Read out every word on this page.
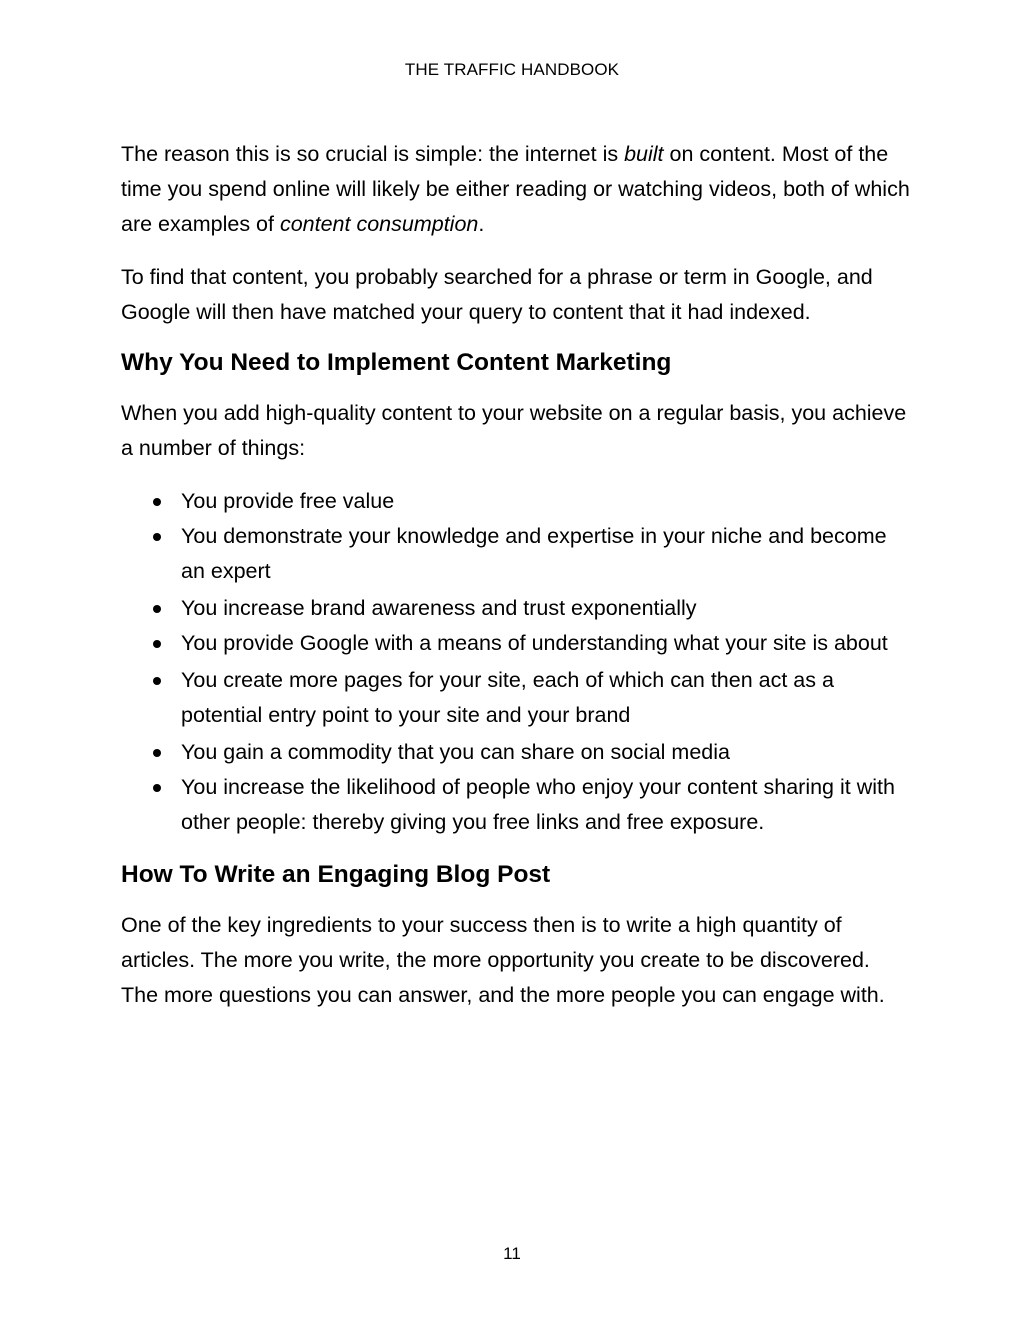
THE TRAFFIC HANDBOOK

The reason this is so crucial is simple: the internet is built on content. Most of the time you spend online will likely be either reading or watching videos, both of which are examples of content consumption.

To find that content, you probably searched for a phrase or term in Google, and Google will then have matched your query to content that it had indexed.

Why You Need to Implement Content Marketing

When you add high-quality content to your website on a regular basis, you achieve a number of things:

You provide free value
You demonstrate your knowledge and expertise in your niche and become an expert
You increase brand awareness and trust exponentially
You provide Google with a means of understanding what your site is about
You create more pages for your site, each of which can then act as a potential entry point to your site and your brand
You gain a commodity that you can share on social media
You increase the likelihood of people who enjoy your content sharing it with other people: thereby giving you free links and free exposure.
How To Write an Engaging Blog Post

One of the key ingredients to your success then is to write a high quantity of articles. The more you write, the more opportunity you create to be discovered. The more questions you can answer, and the more people you can engage with.

11
